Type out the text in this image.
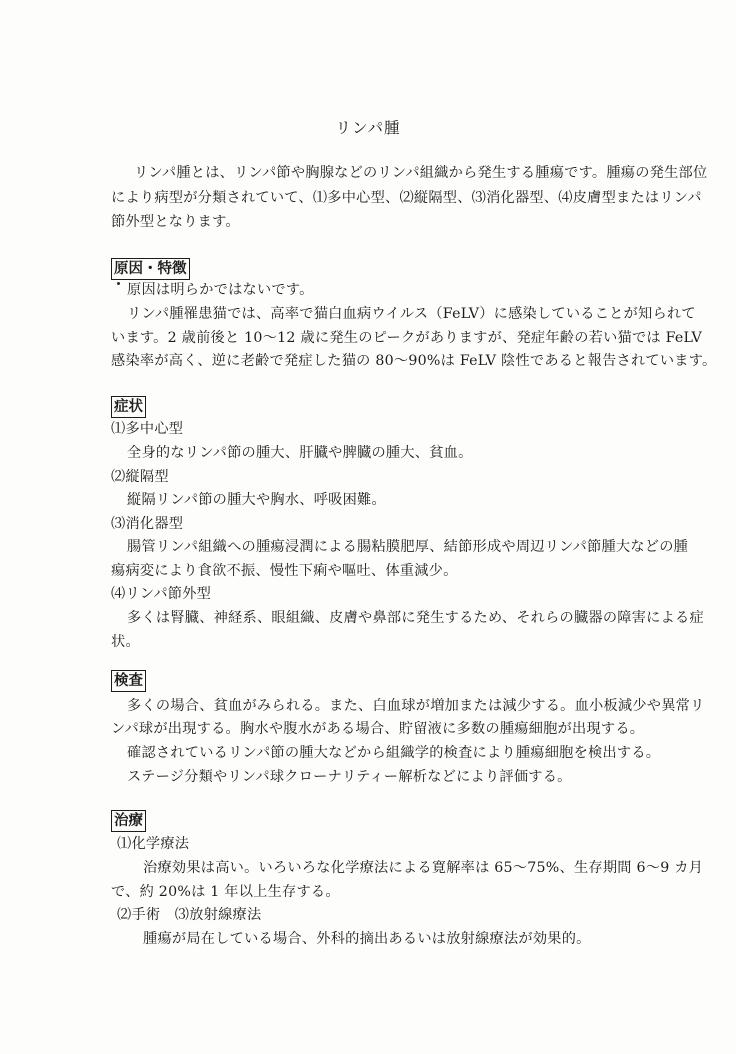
リンパ腫
リンパ腫とは、リンパ節や胸腺などのリンパ組織から発生する腫瘍です。腫瘍の発生部位
により病型が分類されていて、⑴多中心型、⑵縦隔型、⑶消化器型、⑷皮膚型またはリンパ
節外型となります。
原因・特徴
原因は明らかではないです。
リンパ腫罹患猫では、高率で猫白血病ウイルス（FeLV）に感染していることが知られて
います。2 歳前後と 10～12 歳に発生のピークがありますが、発症年齢の若い猫では FeLV
感染率が高く、逆に老齢で発症した猫の 80～90%は FeLV 陰性であると報告されています。
症状
⑴多中心型
全身的なリンパ節の腫大、肝臓や脾臓の腫大、貧血。
⑵縦隔型
縦隔リンパ節の腫大や胸水、呼吸困難。
⑶消化器型
腸管リンパ組織への腫瘍浸潤による腸粘膜肥厚、結節形成や周辺リンパ節腫大などの腫
瘍病変により食欲不振、慢性下痢や嘔吐、体重減少。
⑷リンパ節外型
多くは腎臓、神経系、眼組織、皮膚や鼻部に発生するため、それらの臓器の障害による症
状。
検査
多くの場合、貧血がみられる。また、白血球が増加または減少する。血小板減少や異常リ
ンパ球が出現する。胸水や腹水がある場合、貯留液に多数の腫瘍細胞が出現する。
確認されているリンパ節の腫大などから組織学的検査により腫瘍細胞を検出する。
ステージ分類やリンパ球クローナリティー解析などにより評価する。
治療
⑴化学療法
治療効果は高い。いろいろな化学療法による寛解率は 65～75%、生存期間 6～9 カ月
で、約 20%は 1 年以上生存する。
⑵手術　⑶放射線療法
腫瘍が局在している場合、外科的摘出あるいは放射線療法が効果的。
